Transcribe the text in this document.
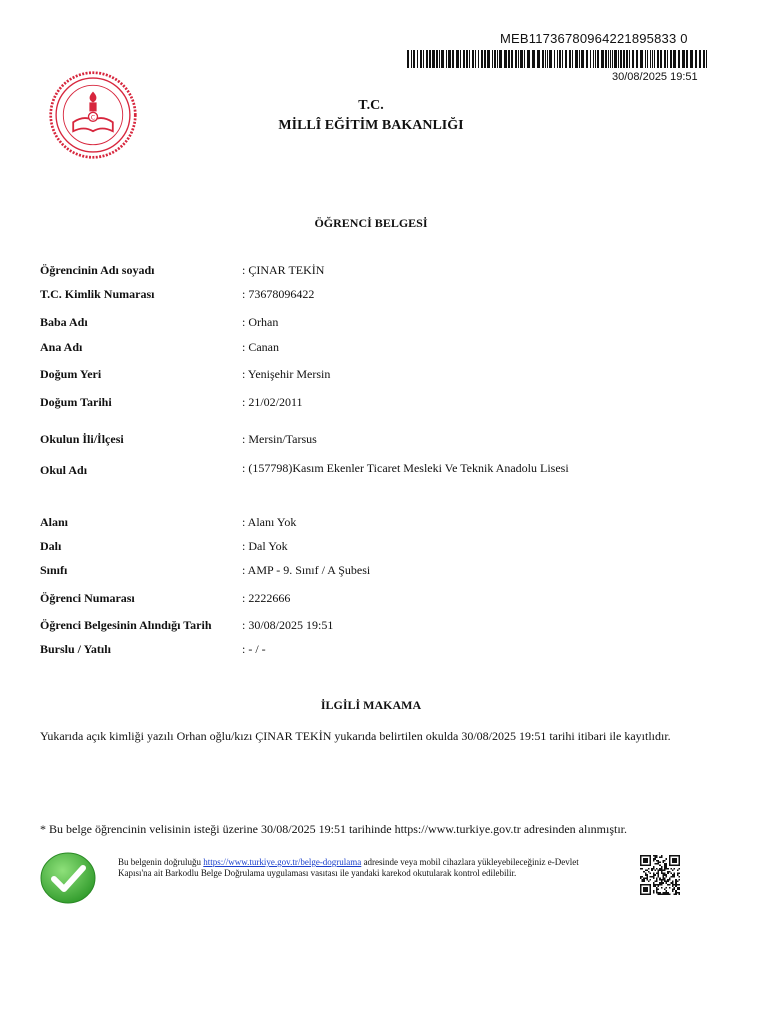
MEB11736780964221895833 0
30/08/2025 19:51
C
T.C.
MİLLÎ EĞİTİM BAKANLIĞI
ÖĞRENCİ BELGESİ
Öğrencinin Adı soyadı	: ÇINAR TEKİN
T.C. Kimlik Numarası	: 73678096422
Baba Adı	: Orhan
Ana Adı	: Canan
Doğum Yeri	: Yenişehir Mersin
Doğum Tarihi	: 21/02/2011
Okulun İli/İlçesi	: Mersin/Tarsus
Okul Adı	: (157798)Kasım Ekenler Ticaret Mesleki Ve Teknik Anadolu Lisesi
Alanı	: Alanı Yok
Dalı	: Dal Yok
Sınıfı	: AMP - 9. Sınıf / A Şubesi
Öğrenci Numarası	: 2222666
Öğrenci Belgesinin Alındığı Tarih	: 30/08/2025 19:51
Burslu / Yatılı	: - / -
İLGİLİ MAKAMA
Yukarıda açık kimliği yazılı Orhan oğlu/kızı ÇINAR TEKİN yukarıda belirtilen okulda 30/08/2025 19:51 tarihi itibari ile kayıtlıdır.
* Bu belge öğrencinin velisinin isteği üzerine 30/08/2025 19:51 tarihinde https://www.turkiye.gov.tr adresinden alınmıştır.
Bu belgenin doğruluğu https://www.turkiye.gov.tr/belge-dogrulama adresinde veya mobil cihazlara yükleyebileceğiniz e-Devlet Kapısı'na ait Barkodlu Belge Doğrulama uygulaması vasıtası ile yandaki karekod okutularak kontrol edilebilir.
